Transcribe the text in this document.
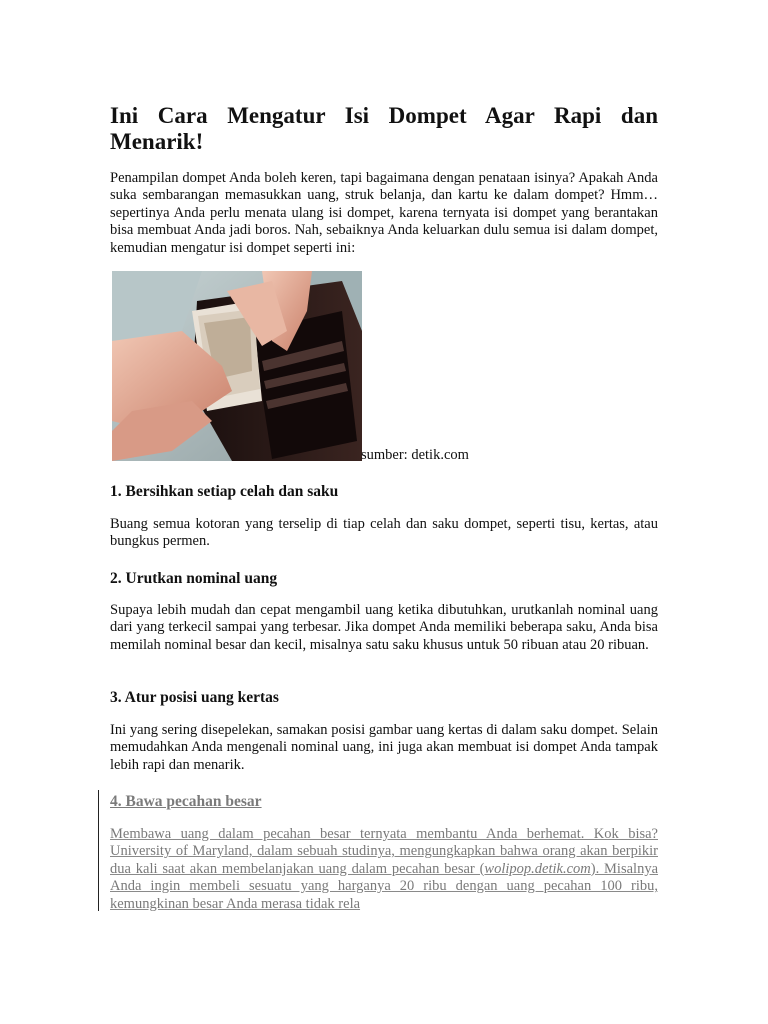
Ini Cara Mengatur Isi Dompet Agar Rapi dan Menarik!

Penampilan dompet Anda boleh keren, tapi bagaimana dengan penataan isinya? Apakah Anda suka sembarangan memasukkan uang, struk belanja, dan kartu ke dalam dompet? Hmm… sepertinya Anda perlu menata ulang isi dompet, karena ternyata isi dompet yang berantakan bisa membuat Anda jadi boros. Nah, sebaiknya Anda keluarkan dulu semua isi dalam dompet, kemudian mengatur isi dompet seperti ini:

sumber: detik.com
1. Bersihkan setiap celah dan saku

Buang semua kotoran yang terselip di tiap celah dan saku dompet, seperti tisu, kertas, atau bungkus permen.

2. Urutkan nominal uang

Supaya lebih mudah dan cepat mengambil uang ketika dibutuhkan, urutkanlah nominal uang dari yang terkecil sampai yang terbesar. Jika dompet Anda memiliki beberapa saku, Anda bisa memilah nominal besar dan kecil, misalnya satu saku khusus untuk 50 ribuan atau 20 ribuan.

3. Atur posisi uang kertas

Ini yang sering disepelekan, samakan posisi gambar uang kertas di dalam saku dompet. Selain memudahkan Anda mengenali nominal uang, ini juga akan membuat isi dompet Anda tampak lebih rapi dan menarik.

4. Bawa pecahan besar

Membawa uang dalam pecahan besar ternyata membantu Anda berhemat. Kok bisa? University of Maryland, dalam sebuah studinya, mengungkapkan bahwa orang akan berpikir dua kali saat akan membelanjakan uang dalam pecahan besar (wolipop.detik.com). Misalnya Anda ingin membeli sesuatu yang harganya 20 ribu dengan uang pecahan 100 ribu, kemungkinan besar Anda merasa tidak rela
